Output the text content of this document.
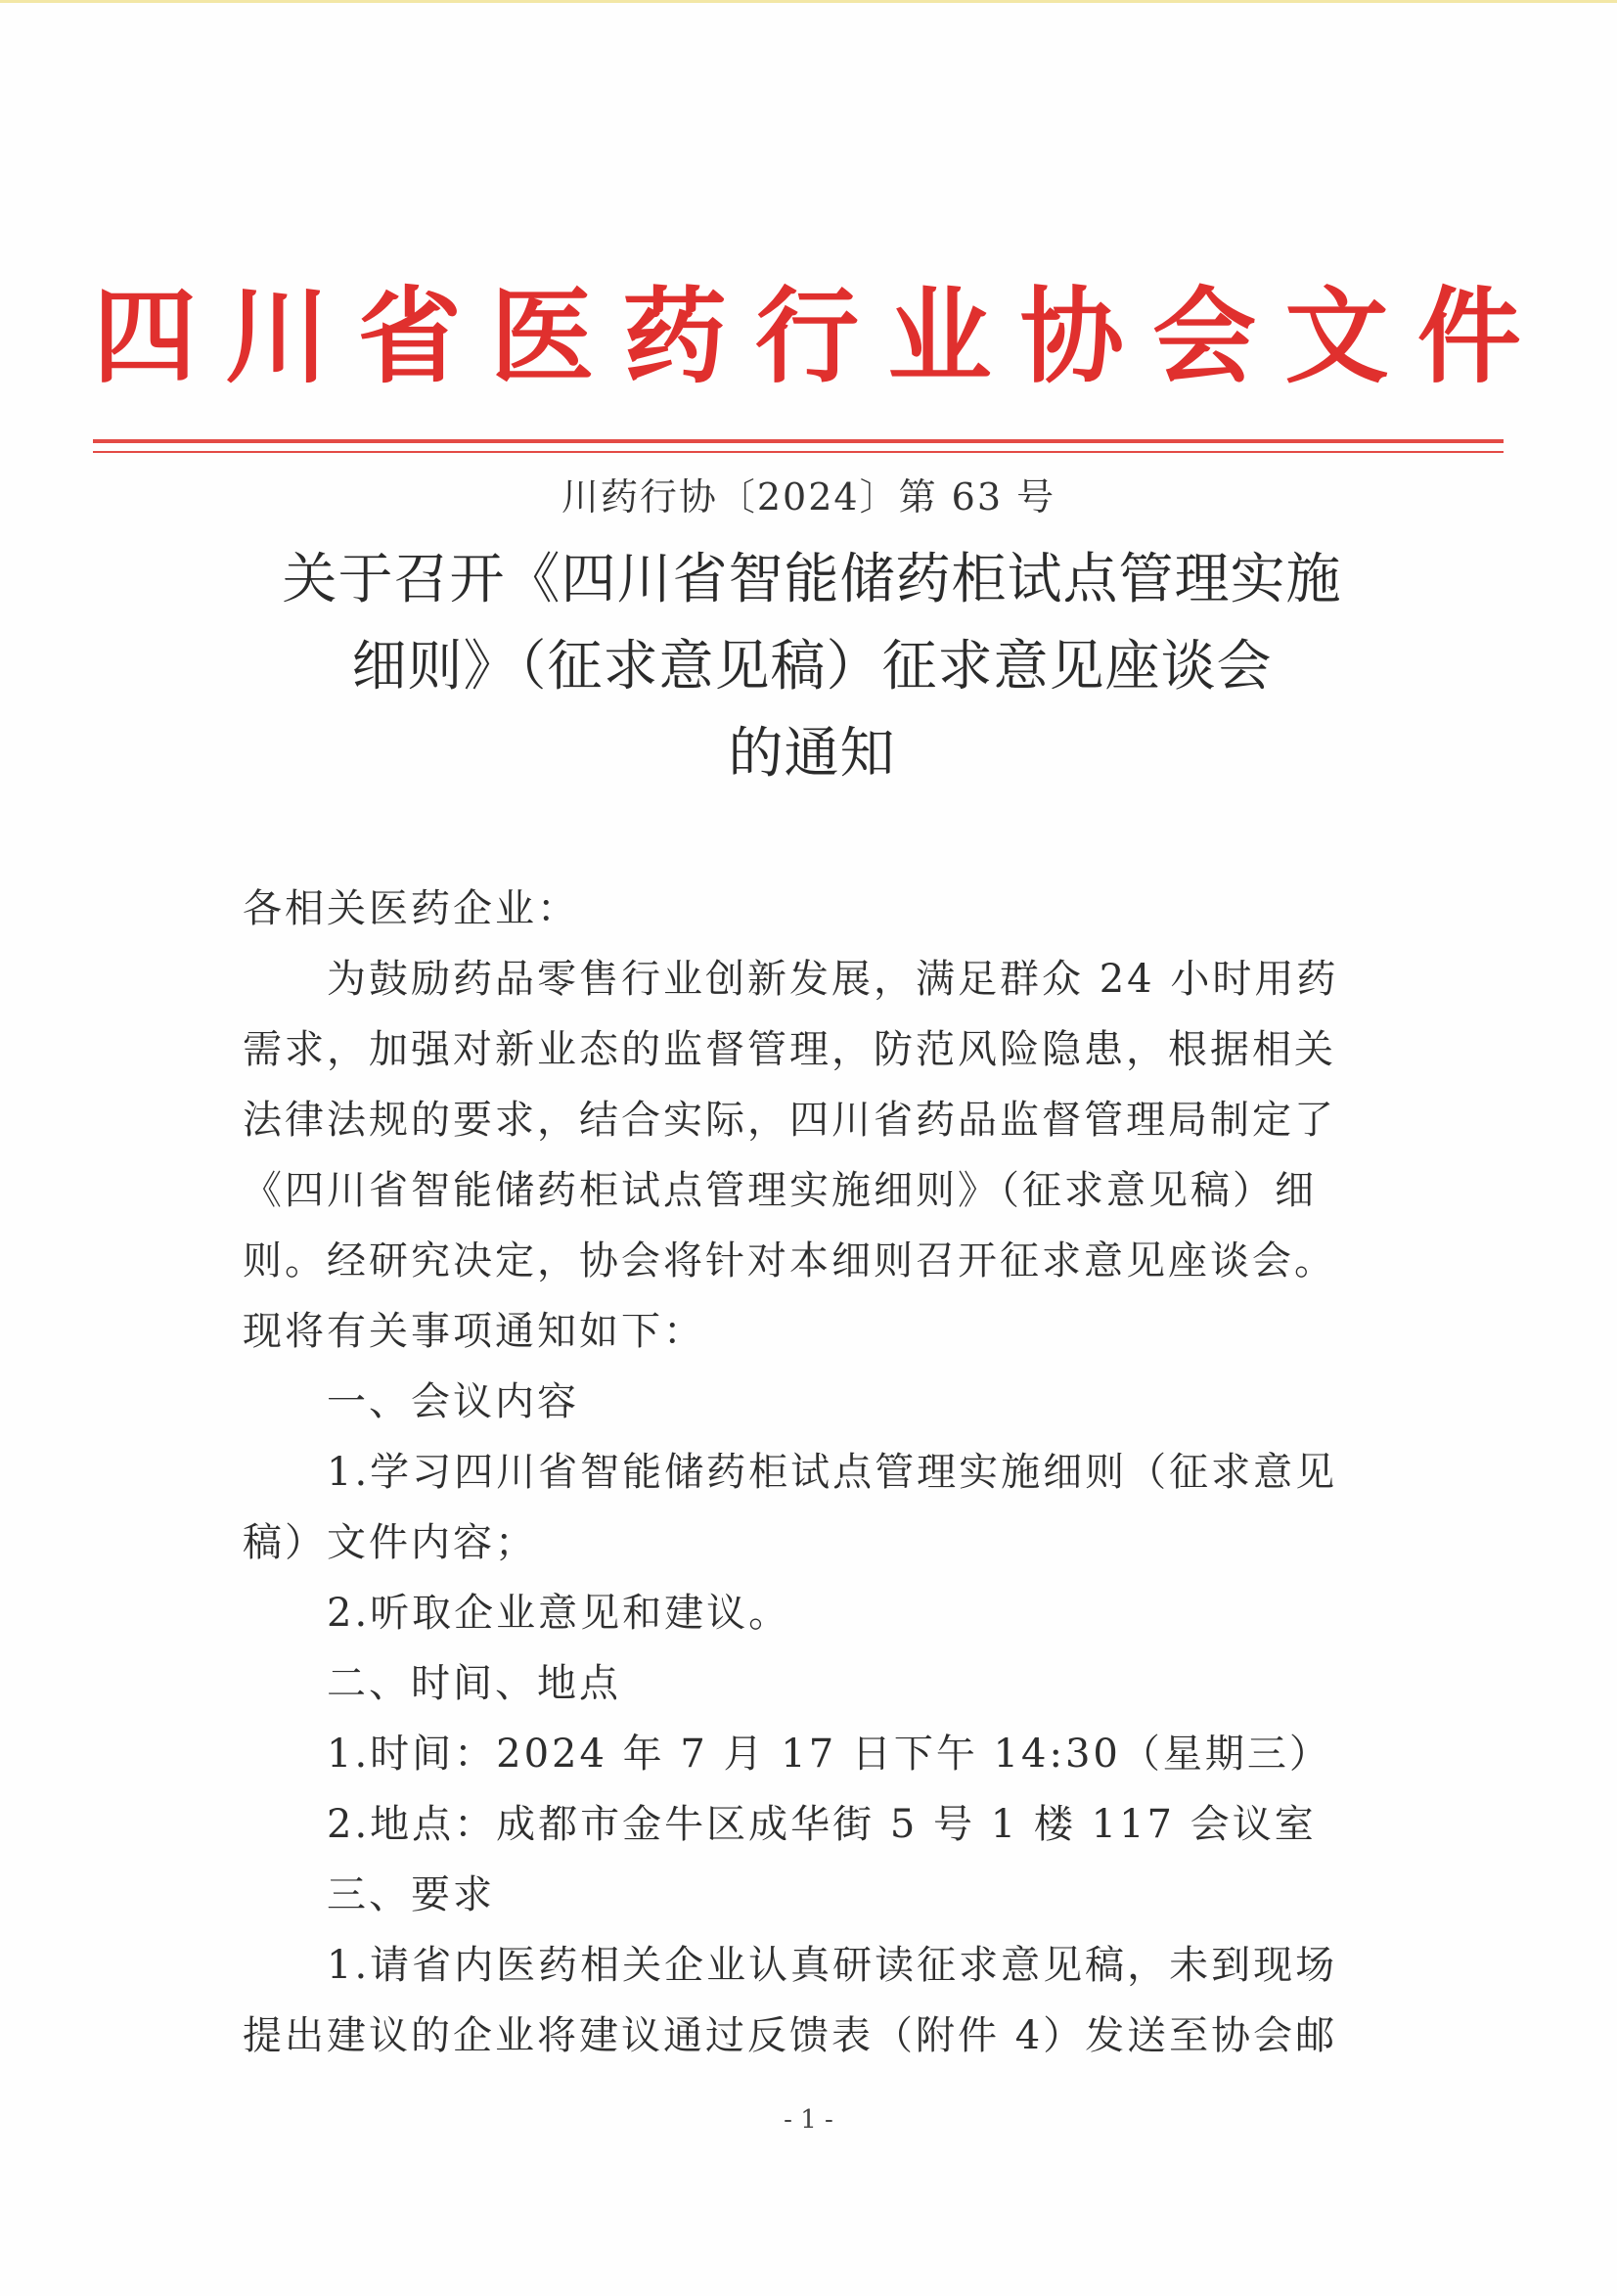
四 川 省 医 药 行 业 协 会 文 件
川药行协〔2024〕第 63 号
关于召开《四川省智能储药柜试点管理实施
细则》（征求意见稿）征求意见座谈会
的通知

各相关医药企业：

为鼓励药品零售行业创新发展，满足群众 24 小时用药

需求，加强对新业态的监督管理，防范风险隐患，根据相关

法律法规的要求，结合实际，四川省药品监督管理局制定了

《四川省智能储药柜试点管理实施细则》（征求意见稿）细

则。经研究决定，协会将针对本细则召开征求意见座谈会。

现将有关事项通知如下：

一、会议内容

1.学习四川省智能储药柜试点管理实施细则（征求意见

稿）文件内容；

2.听取企业意见和建议。

二、时间、地点

1.时间：2024 年 7 月 17 日下午 14:30（星期三）

2.地点：成都市金牛区成华街 5 号 1 楼 117 会议室

三、要求

1.请省内医药相关企业认真研读征求意见稿，未到现场

提出建议的企业将建议通过反馈表（附件 4）发送至协会邮

- 1 -
